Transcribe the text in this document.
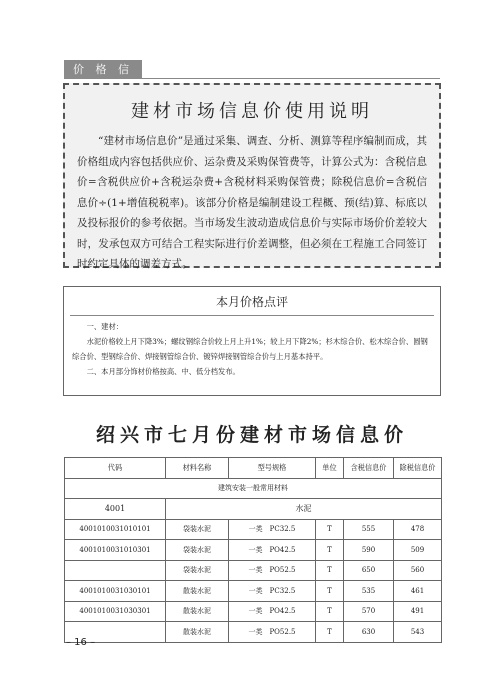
价 格 信
建材市场信息价使用说明

“建材市场信息价”是通过采集、调查、分析、测算等程序编制而成，其价格组成内容包括供应价、运杂费及采购保管费等，计算公式为：含税信息价=含税供应价+含税运杂费+含税材料采购保管费；除税信息价=含税信息价÷(1+增值税税率)。该部分价格是编制建设工程概、预(结)算、标底以及投标报价的参考依据。当市场发生波动造成信息价与实际市场价价差较大时，发承包双方可结合工程实际进行价差调整，但必须在工程施工合同签订时约定具体的调差方式。

本月价格点评

一、建材：

水泥价格较上月下降3%；螺纹钢综合价较上月上升1%；较上月下降2%；杉木综合价、松木综合价、圆钢综合价、型钢综合价、焊接钢管综合价、镀锌焊接钢管综合价与上月基本持平。

二、本月部分饰材价格按高、中、低分档发布。

绍兴市七月份建材市场信息价
代码	材料名称	型号规格	单位	含税信息价	除税信息价
建筑安装一般常用材料					
4001	水泥				
4001010031010101	袋装水泥	一类　PC32.5	T	555	478
4001010031010301	袋装水泥	一类　PO42.5	T	590	509
	袋装水泥	一类　PO52.5	T	650	560
4001010031030101	散装水泥	一类　PC32.5	T	535	461
4001010031030301	散装水泥	一类　PO42.5	T	570	491
	散装水泥	一类　PO52.5	T	630	543
– 16 –
